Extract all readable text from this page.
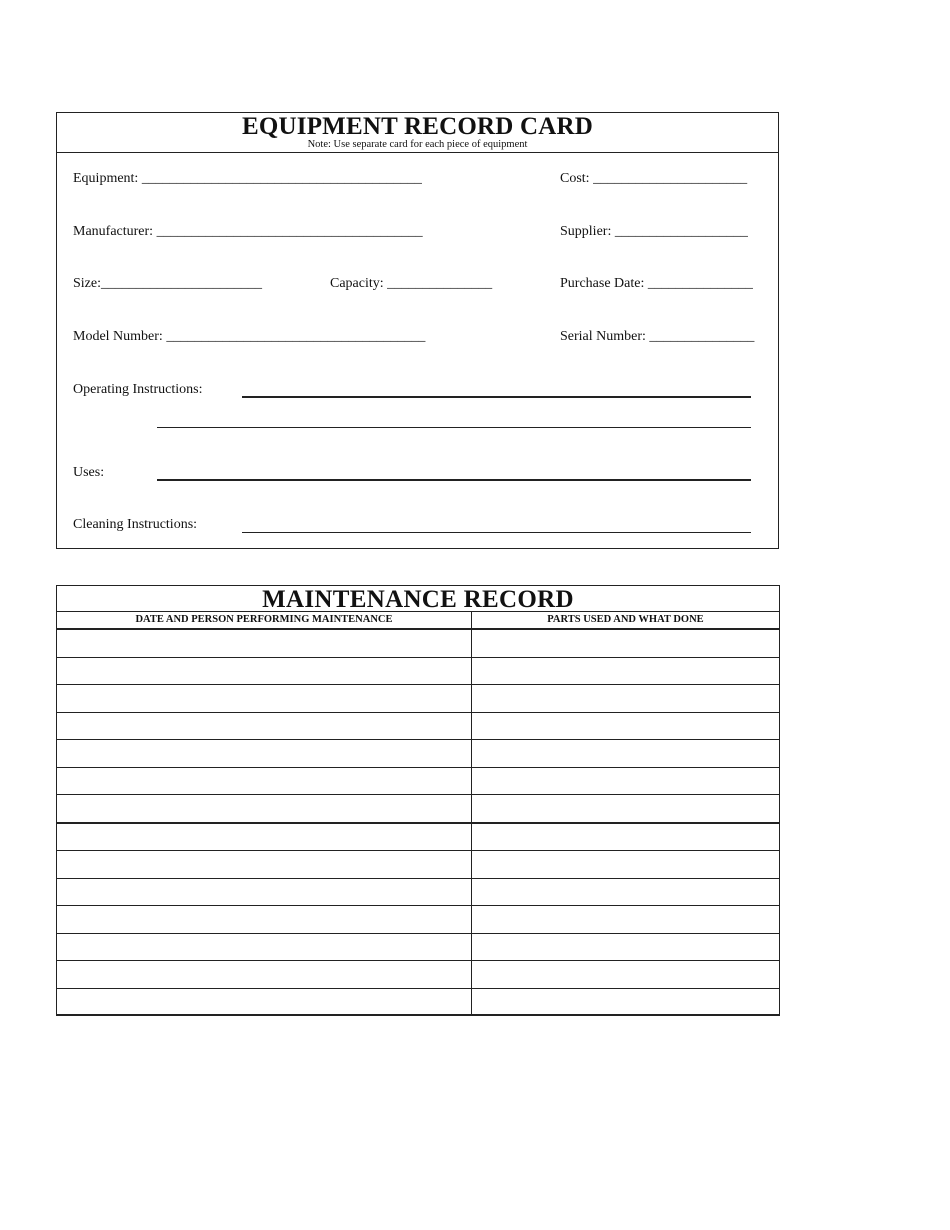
EQUIPMENT RECORD CARD
Note: Use separate card for each piece of equipment
Equipment: ________________________________________	Cost: ______________________
Manufacturer: ______________________________________	Supplier: ___________________
Size:_______________________	Capacity: _______________	Purchase Date: _______________
Model Number: _____________________________________	Serial Number: _______________
Operating Instructions:
Uses:
Cleaning Instructions:
MAINTENANCE RECORD
DATE AND PERSON PERFORMING MAINTENANCE	PARTS USED AND WHAT DONE
